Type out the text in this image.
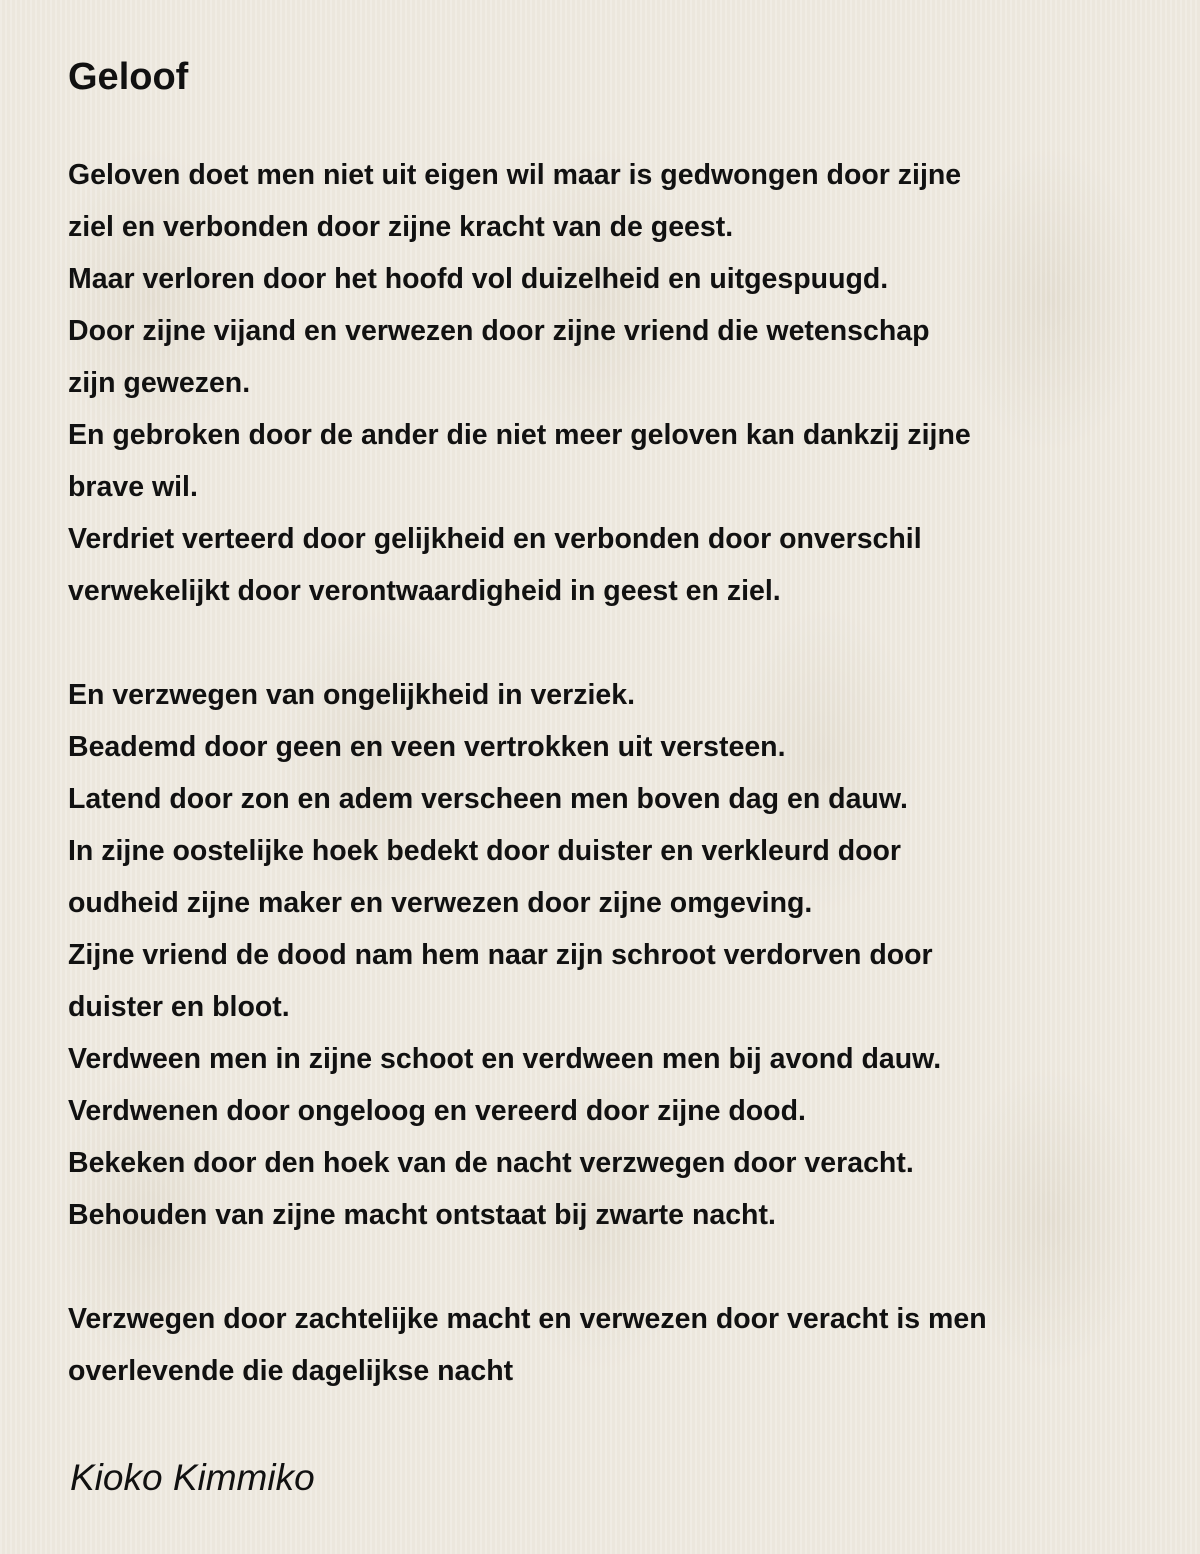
Geloof
Geloven doet men niet uit eigen wil maar is gedwongen door zijne
ziel en verbonden door zijne kracht van de geest.
Maar verloren door het hoofd vol duizelheid en uitgespuugd.
Door zijne vijand en verwezen door zijne vriend die wetenschap
zijn gewezen.
En gebroken door de ander die niet meer geloven kan dankzij zijne
brave wil.
Verdriet verteerd door gelijkheid en verbonden door onverschil
verwekelijkt door verontwaardigheid in geest en ziel.
En verzwegen van ongelijkheid in verziek.
Beademd door geen en veen vertrokken uit versteen.
Latend door zon en adem verscheen men boven dag en dauw.
In zijne oostelijke hoek bedekt door duister en verkleurd door
oudheid zijne maker en verwezen door zijne omgeving.
Zijne vriend de dood nam hem naar zijn schroot verdorven door
duister en bloot.
Verdween men in zijne schoot en verdween men bij avond dauw.
Verdwenen door ongeloog en vereerd door zijne dood.
Bekeken door den hoek van de nacht verzwegen door veracht.
Behouden van zijne macht ontstaat bij zwarte nacht.
Verzwegen door zachtelijke macht en verwezen door veracht is men
overlevende die dagelijkse nacht

Kioko Kimmiko
